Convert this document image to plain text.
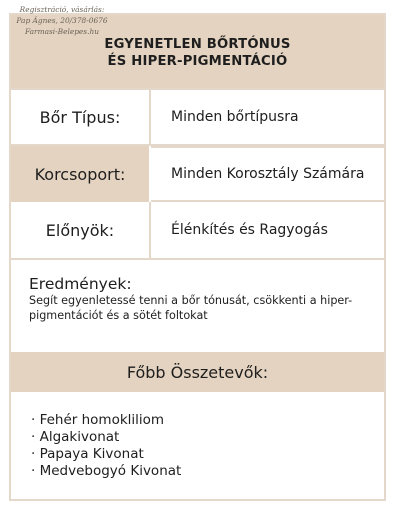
Regisztráció, vásárlás:
Pap Ágnes, 20/378-0676
Farmasi-Belepes.hu
EGYENETLEN BŐRTÓNUS
ÉS HIPER-PIGMENTÁCIÓ
Bőr Típus:	Minden bőrtípusra
Korcsoport:	Minden Korosztály Számára
Előnyök:	Élénkítés és Ragyogás
Eredmények:
Segít egyenletessé tenni a bőr tónusát, csökkenti a hiper-pigmentációt és a sötét foltokat
Főbb Összetevők:
· Fehér homokliliom
· Algakivonat
· Papaya Kivonat
· Medvebogyó Kivonat
